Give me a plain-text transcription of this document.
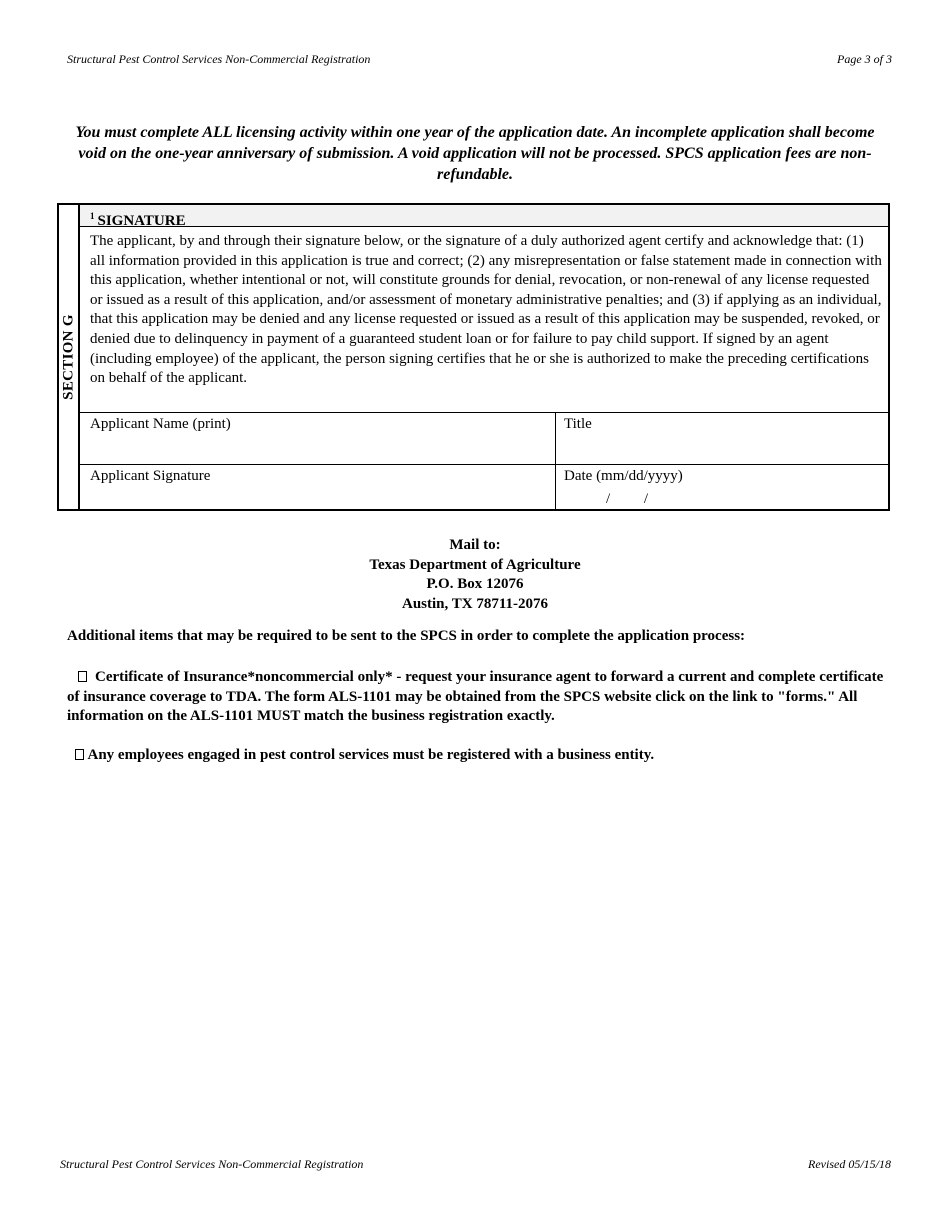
Structural Pest Control Services Non-Commercial Registration	Page 3 of 3
You must complete ALL licensing activity within one year of the application date. An incomplete application shall become void on the one-year anniversary of submission. A void application will not be processed. SPCS application fees are non-refundable.
SECTION G
$^1$ SIGNATURE
The applicant, by and through their signature below, or the signature of a duly authorized agent certify and acknowledge that: (1) all information provided in this application is true and correct; (2) any misrepresentation or false statement made in connection with this application, whether intentional or not, will constitute grounds for denial, revocation, or non-renewal of any license requested or issued as a result of this application, and/or assessment of monetary administrative penalties; and (3) if applying as an individual, that this application may be denied and any license requested or issued as a result of this application may be suspended, revoked, or denied due to delinquency in payment of a guaranteed student loan or for failure to pay child support. If signed by an agent (including employee) of the applicant, the person signing certifies that he or she is authorized to make the preceding certifications on behalf of the applicant.
Applicant Name (print)	Title
Applicant Signature	Date (mm/dd/yyyy)
/ /
Mail to:
Texas Department of Agriculture
P.O. Box 12076
Austin, TX 78711-2076
Additional items that may be required to be sent to the SPCS in order to complete the application process:
Certificate of Insurance*noncommercial only* - request your insurance agent to forward a current and complete certificate of insurance coverage to TDA. The form ALS-1101 may be obtained from the SPCS website click on the link to "forms." All information on the ALS-1101 MUST match the business registration exactly.
Any employees engaged in pest control services must be registered with a business entity.
Structural Pest Control Services Non-Commercial Registration	Revised 05/15/18
